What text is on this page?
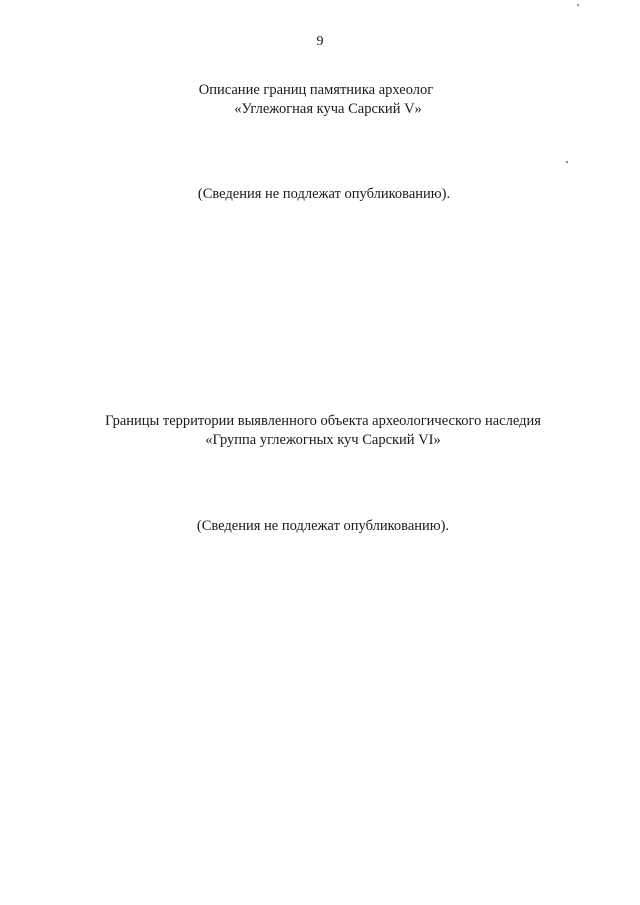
9
Описание границ памятника археолог
«Углежогная куча Сарский V»
(Сведения не подлежат опубликованию).
Границы территории выявленного объекта археологического наследия
«Группа углежогных куч Сарский VI»
(Сведения не подлежат опубликованию).
